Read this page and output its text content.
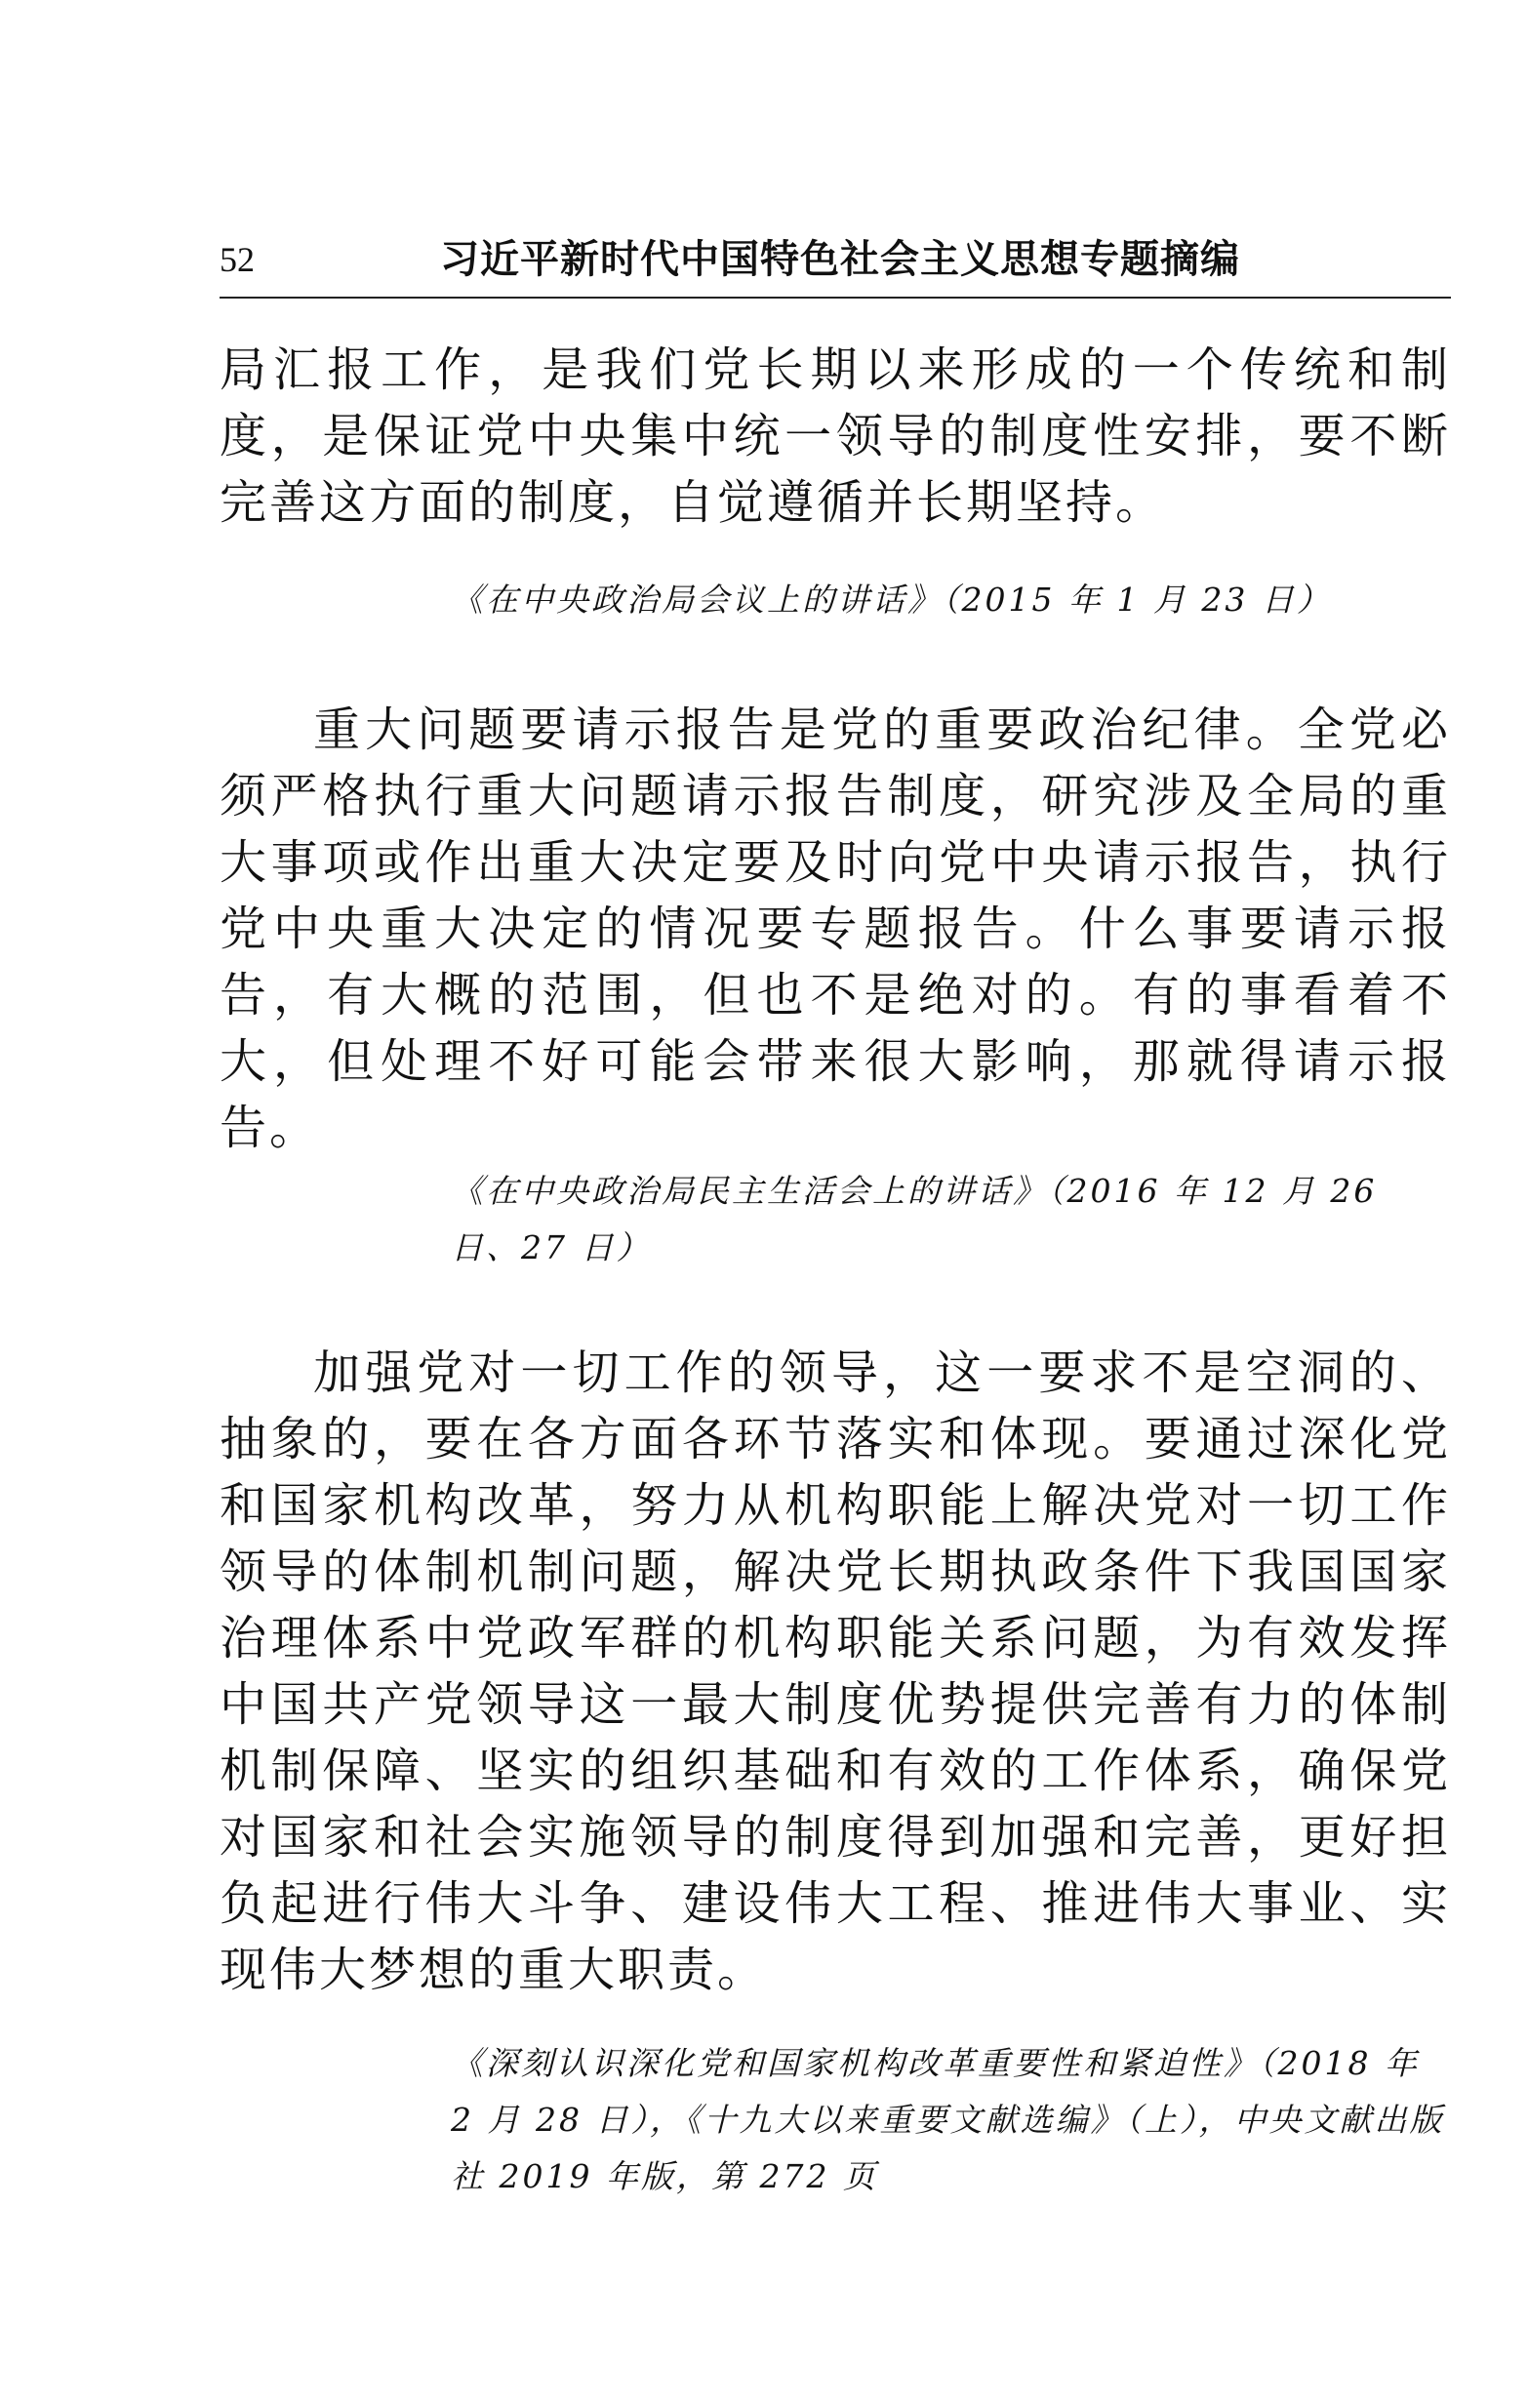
52	习近平新时代中国特色社会主义思想专题摘编

局汇报工作，是我们党长期以来形成的一个传统和制度，是保证党中央集中统一领导的制度性安排，要不断完善这方面的制度，自觉遵循并长期坚持。

《在中央政治局会议上的讲话》（2015 年 1 月 23 日）

重大问题要请示报告是党的重要政治纪律。全党必须严格执行重大问题请示报告制度，研究涉及全局的重大事项或作出重大决定要及时向党中央请示报告，执行党中央重大决定的情况要专题报告。什么事要请示报告，有大概的范围，但也不是绝对的。有的事看着不大，但处理不好可能会带来很大影响，那就得请示报告。

《在中央政治局民主生活会上的讲话》（2016 年 12 月 26 日、27 日）

加强党对一切工作的领导，这一要求不是空洞的、抽象的，要在各方面各环节落实和体现。要通过深化党和国家机构改革，努力从机构职能上解决党对一切工作领导的体制机制问题，解决党长期执政条件下我国国家治理体系中党政军群的机构职能关系问题，为有效发挥中国共产党领导这一最大制度优势提供完善有力的体制机制保障、坚实的组织基础和有效的工作体系，确保党对国家和社会实施领导的制度得到加强和完善，更好担负起进行伟大斗争、建设伟大工程、推进伟大事业、实现伟大梦想的重大职责。

《深刻认识深化党和国家机构改革重要性和紧迫性》（2018 年 2 月 28 日），《十九大以来重要文献选编》（上），中央文献出版社 2019 年版，第 272 页
